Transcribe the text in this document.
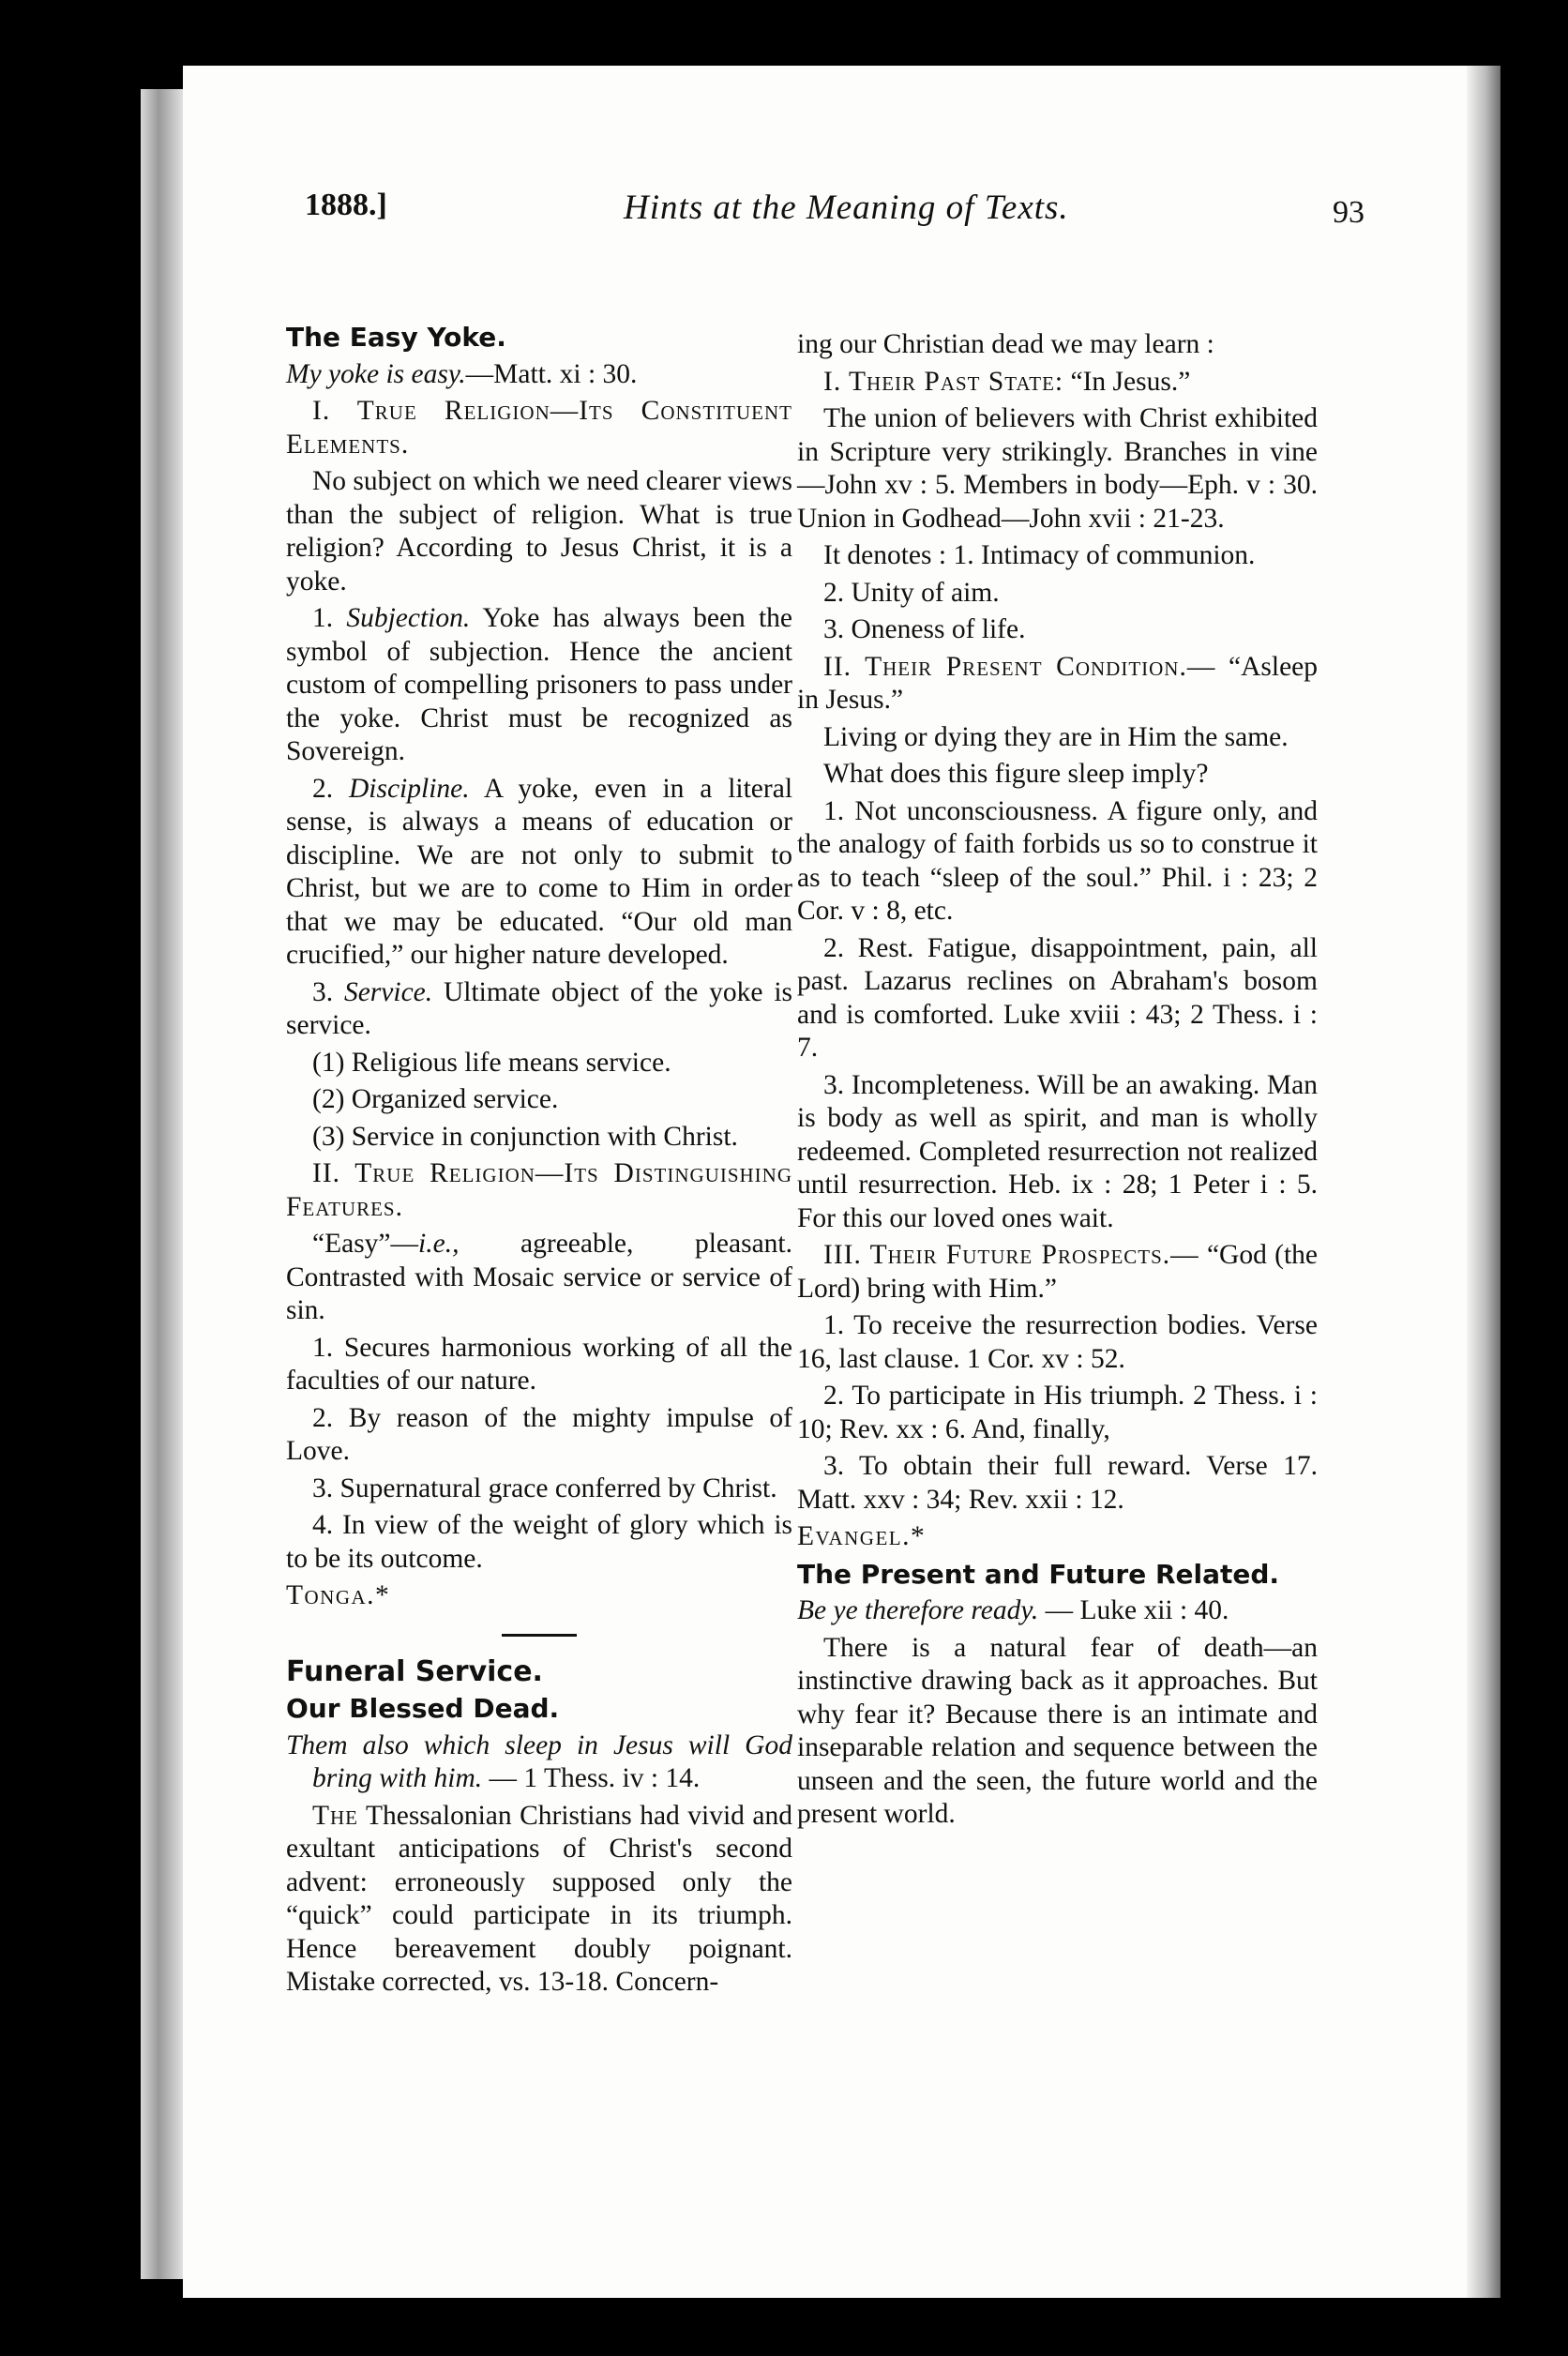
1888.]	Hints at the Meaning of Texts.	93

The Easy Yoke.

My yoke is easy.—Matt. xi : 30.

I. True Religion—Its Constituent Elements.

No subject on which we need clearer views than the subject of religion. What is true religion? According to Jesus Christ, it is a yoke.

1. Subjection. Yoke has always been the symbol of subjection. Hence the ancient custom of compelling prisoners to pass under the yoke. Christ must be recognized as Sovereign.

2. Discipline. A yoke, even in a literal sense, is always a means of education or discipline. We are not only to submit to Christ, but we are to come to Him in order that we may be educated. “Our old man crucified,” our higher nature developed.

3. Service. Ultimate object of the yoke is service.

(1) Religious life means service.

(2) Organized service.

(3) Service in conjunction with Christ.

II. True Religion—Its Distinguishing Features.

“Easy”—i.e., agreeable, pleasant. Contrasted with Mosaic service or service of sin.

1. Secures harmonious working of all the faculties of our nature.

2. By reason of the mighty impulse of Love.

3. Supernatural grace conferred by Christ.

4. In view of the weight of glory which is to be its outcome.

Tonga.*

Funeral Service.

Our Blessed Dead.

Them also which sleep in Jesus will God bring with him. — 1 Thess. iv : 14.

The Thessalonian Christians had vivid and exultant anticipations of Christ's second advent: erroneously supposed only the “quick” could participate in its triumph. Hence bereavement doubly poignant. Mistake corrected, vs. 13-18. Concern-

ing our Christian dead we may learn :

I. Their Past State: “In Jesus.”

The union of believers with Christ exhibited in Scripture very strikingly. Branches in vine—John xv : 5. Members in body—Eph. v : 30. Union in Godhead—John xvii : 21-23.

It denotes : 1. Intimacy of communion.

2. Unity of aim.

3. Oneness of life.

II. Their Present Condition.— “Asleep in Jesus.”

Living or dying they are in Him the same.

What does this figure sleep imply?

1. Not unconsciousness. A figure only, and the analogy of faith forbids us so to construe it as to teach “sleep of the soul.” Phil. i : 23; 2 Cor. v : 8, etc.

2. Rest. Fatigue, disappointment, pain, all past. Lazarus reclines on Abraham's bosom and is comforted. Luke xviii : 43; 2 Thess. i : 7.

3. Incompleteness. Will be an awaking. Man is body as well as spirit, and man is wholly redeemed. Completed resurrection not realized until resurrection. Heb. ix : 28; 1 Peter i : 5. For this our loved ones wait.

III. Their Future Prospects.— “God (the Lord) bring with Him.”

1. To receive the resurrection bodies. Verse 16, last clause. 1 Cor. xv : 52.

2. To participate in His triumph. 2 Thess. i : 10; Rev. xx : 6. And, finally,

3. To obtain their full reward. Verse 17. Matt. xxv : 34; Rev. xxii : 12.

Evangel.*

The Present and Future Related.

Be ye therefore ready. — Luke xii : 40.

There is a natural fear of death—an instinctive drawing back as it approaches. But why fear it? Because there is an intimate and inseparable relation and sequence between the unseen and the seen, the future world and the present world.
